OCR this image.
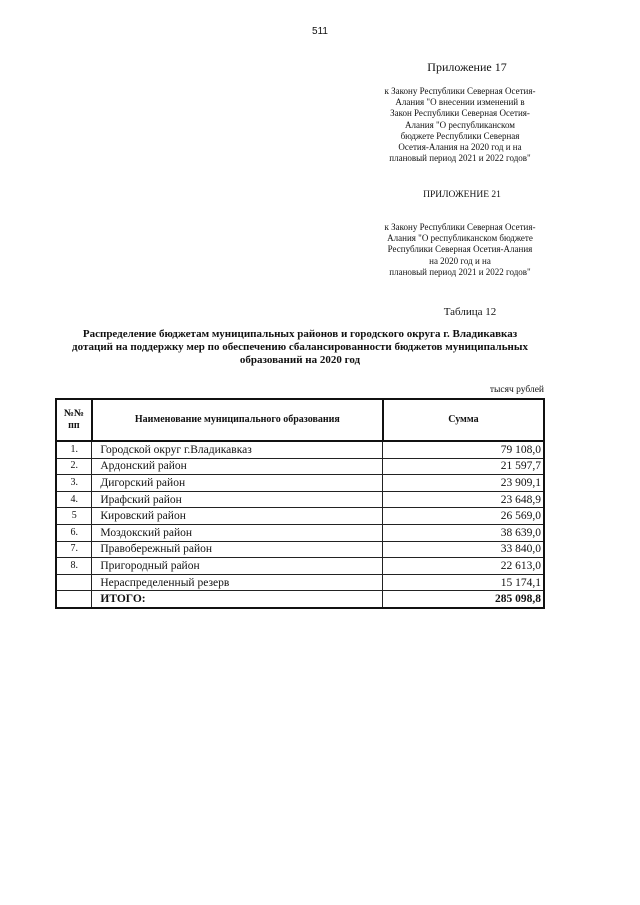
511
Приложение 17
к Закону Республики Северная Осетия-
Алания "О внесении изменений в
Закон Республики Северная Осетия-
Алания "О республиканском
бюджете Республики Северная
Осетия-Алания на 2020 год и на
плановый период 2021 и 2022 годов"
ПРИЛОЖЕНИЕ 21
к Закону Республики Северная Осетия-
Алания "О республиканском бюджете
Республики Северная Осетия-Алания
на 2020 год и на
плановый период 2021 и 2022 годов"
Таблица 12
Распределение бюджетам муниципальных районов и городского округа г. Владикавказ
дотаций на поддержку мер по обеспечению сбалансированности бюджетов муниципальных
образований на 2020 год
тысяч рублей
№№
пп	Наименование муниципального образования	Сумма
1.	Городской округ г.Владикавказ	79 108,0
2.	Ардонский район	21 597,7
3.	Дигорский район	23 909,1
4.	Ирафский район	23 648,9
5	Кировский район	26 569,0
6.	Моздокский район	38 639,0
7.	Правобережный район	33 840,0
8.	Пригородный район	22 613,0
	Нераспределенный резерв	15 174,1
	ИТОГО:	285 098,8
